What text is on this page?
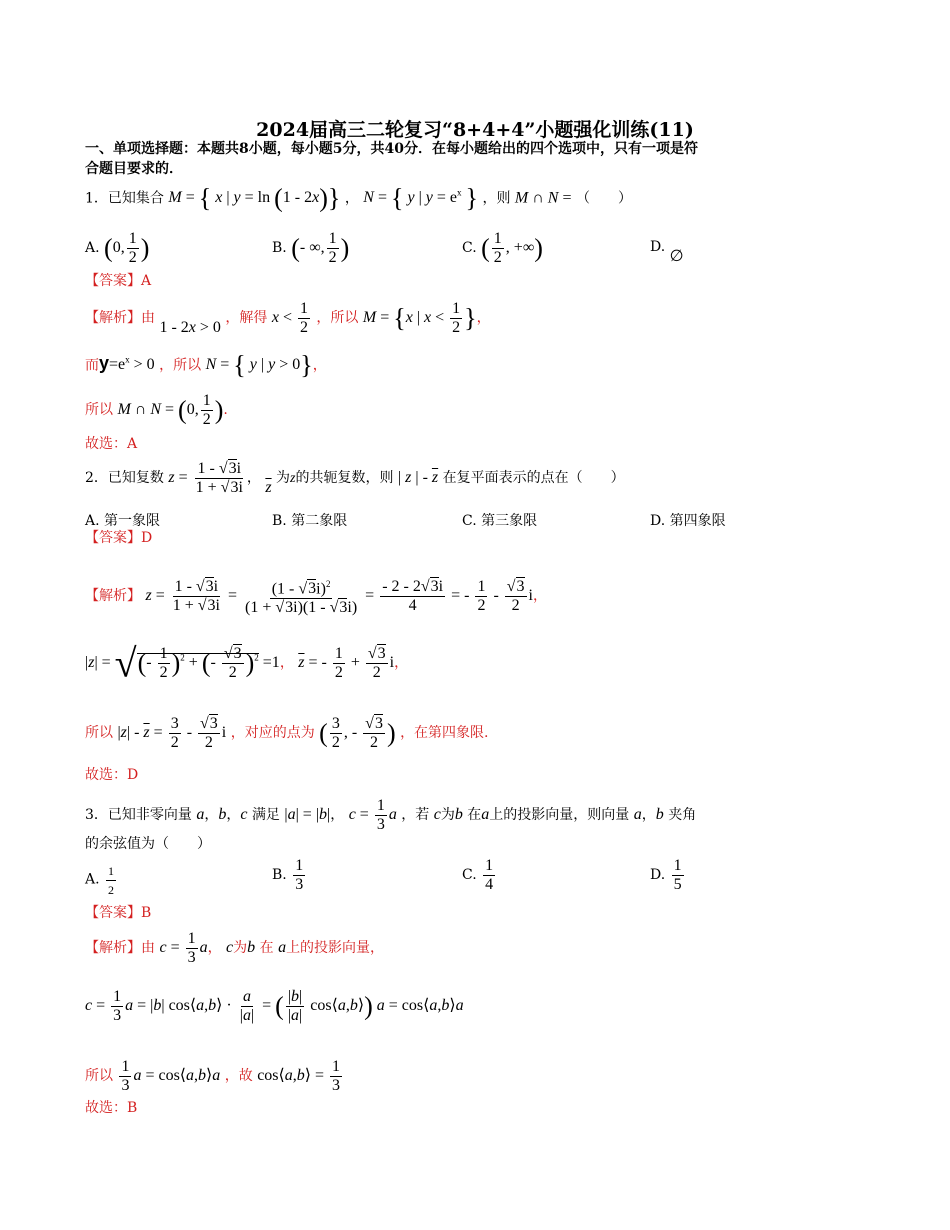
2024届高三二轮复习“8+4+4”小题强化训练(11)
一、单项选择题：本题共8小题，每小题5分，共40分．在每小题给出的四个选项中，只有一项是符
合题目要求的．
1．已知集合 M = { x | y = ln (1 - 2x)} ， N = { y | $y = e^x$ } ，则 M ∩ N = （　　）
A. (0, $\frac{1}{2}$ )	B. (- ∞, $\frac{1}{2}$ )	C. ( $\frac{1}{2}$ , +∞)	D. ∅
【答案】A
【解析】由 1 - 2x > 0 ，解得 $x < \frac{1}{2}$ ，所以 M = {x | $x < \frac{1}{2}$ }，
而$y=e^x > 0$ ，所以 N = { y | y > 0}，
所以 M ∩ N = (0, $\frac{1}{2}$ ).
故选：A
2．已知复数 $z = \frac{1 - √3i}{1 + √3i}$ ， $\overline{z}$ 为z的共轭复数，则 | z | - $\overline{z}$ 在复平面表示的点在（　　）
A. 第一象限	B. 第二象限	C. 第三象限	D. 第四象限
【答案】D
【解析】 $z = \frac{1 - √3i}{1 + √3i} = \frac{(1 - √3i)^2}{(1 + √3i)(1 - √3i)} = \frac{- 2 - 2√3i}{4}$ = - $\frac{1}{2} - \frac{√3}{2}$ i，
|z| = √(- $\frac{1}{2} )^2$ + (- $\frac{√3}{2} )^2 =1$， $\overline{z}$ = - $\frac{1}{2} + \frac{√3}{2}$ i，
所以 $|z| - \overline{z} = \frac{3}{2} - \frac{√3}{2}$ i ，对应的点为 ( $\frac{3}{2}$ , - $\frac{√3}{2}$ ) ，在第四象限.
故选：D
3．已知非零向量 a，b，c 满足 |a| = |b|， $c = \frac{1}{3}$ a ，若 c为b 在a上的投影向量，则向量 a，b 夹角
的余弦值为（　　）
A. $\frac{1}{2}$	B. $\frac{1}{3}$	C. $\frac{1}{4}$	D. $\frac{1}{5}$
【答案】B
【解析】由 $c = \frac{1}{3}$ a， c为b 在 a上的投影向量，
$c = \frac{1}{3}$ a = |b| cos⟨a,b⟩ · $\frac{a}{|a|}$ = ( $\frac{|b|}{|a|}$ cos⟨a,b⟩) a = cos⟨a,b⟩a
所以 $\frac{1}{3}$ a = cos⟨a,b⟩a ，故 cos⟨a,b⟩ = $\frac{1}{3}$
故选：B
